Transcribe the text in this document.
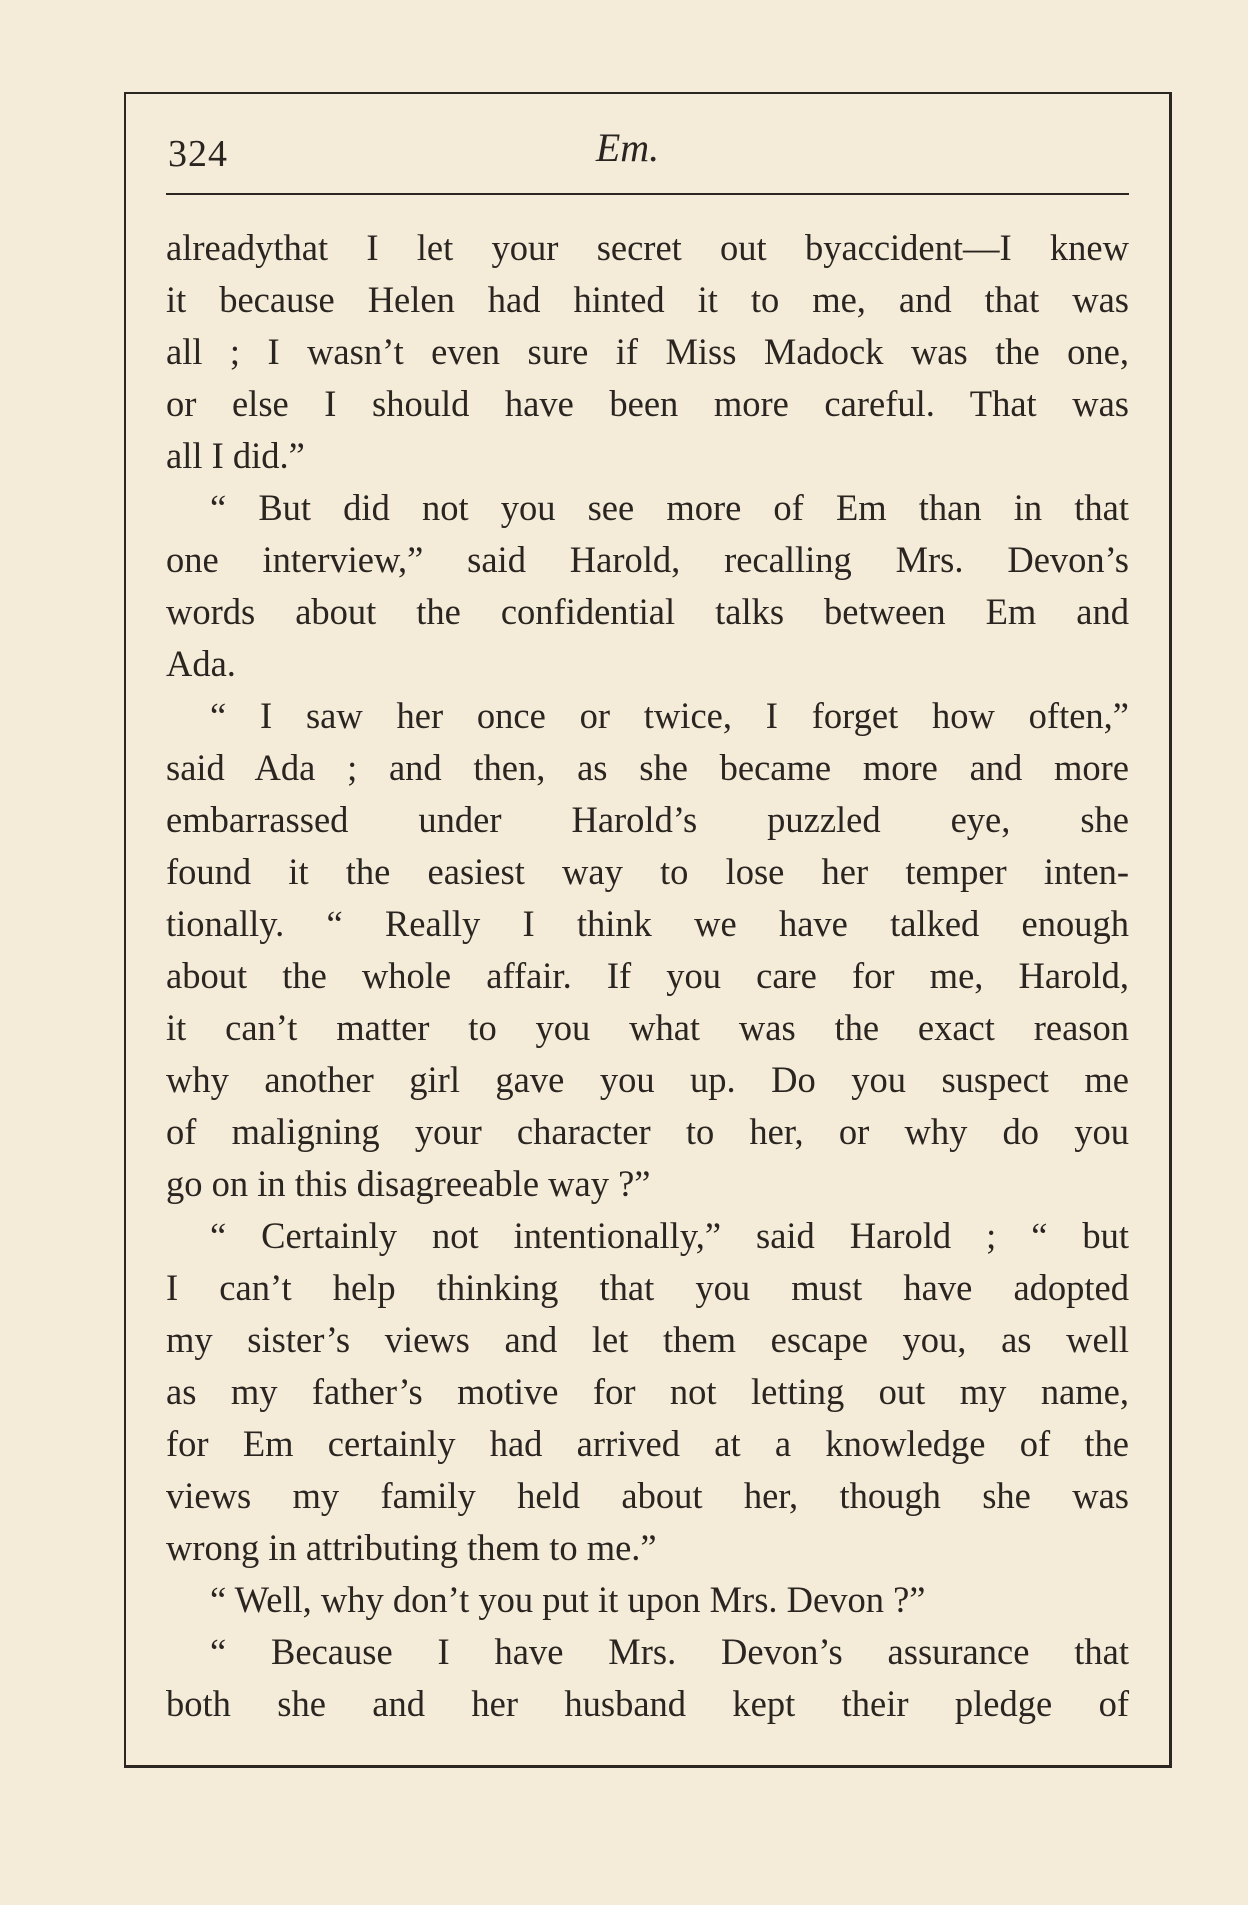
324	Em.
alreadythat I let your secret out byaccident—I knew
it because Helen had hinted it to me, and that was
all ; I wasn’t even sure if Miss Madock was the one,
or else I should have been more careful. That was
all I did.”
“ But did not you see more of Em than in that
one interview,” said Harold, recalling Mrs. Devon’s
words about the confidential talks between Em and
Ada.
“ I saw her once or twice, I forget how often,”
said Ada ; and then, as she became more and more
embarrassed under Harold’s puzzled eye, she
found it the easiest way to lose her temper inten-
tionally. “ Really I think we have talked enough
about the whole affair. If you care for me, Harold,
it can’t matter to you what was the exact reason
why another girl gave you up. Do you suspect me
of maligning your character to her, or why do you
go on in this disagreeable way ?”
“ Certainly not intentionally,” said Harold ; “ but
I can’t help thinking that you must have adopted
my sister’s views and let them escape you, as well
as my father’s motive for not letting out my name,
for Em certainly had arrived at a knowledge of the
views my family held about her, though she was
wrong in attributing them to me.”
“ Well, why don’t you put it upon Mrs. Devon ?”
“ Because I have Mrs. Devon’s assurance that
both she and her husband kept their pledge of
